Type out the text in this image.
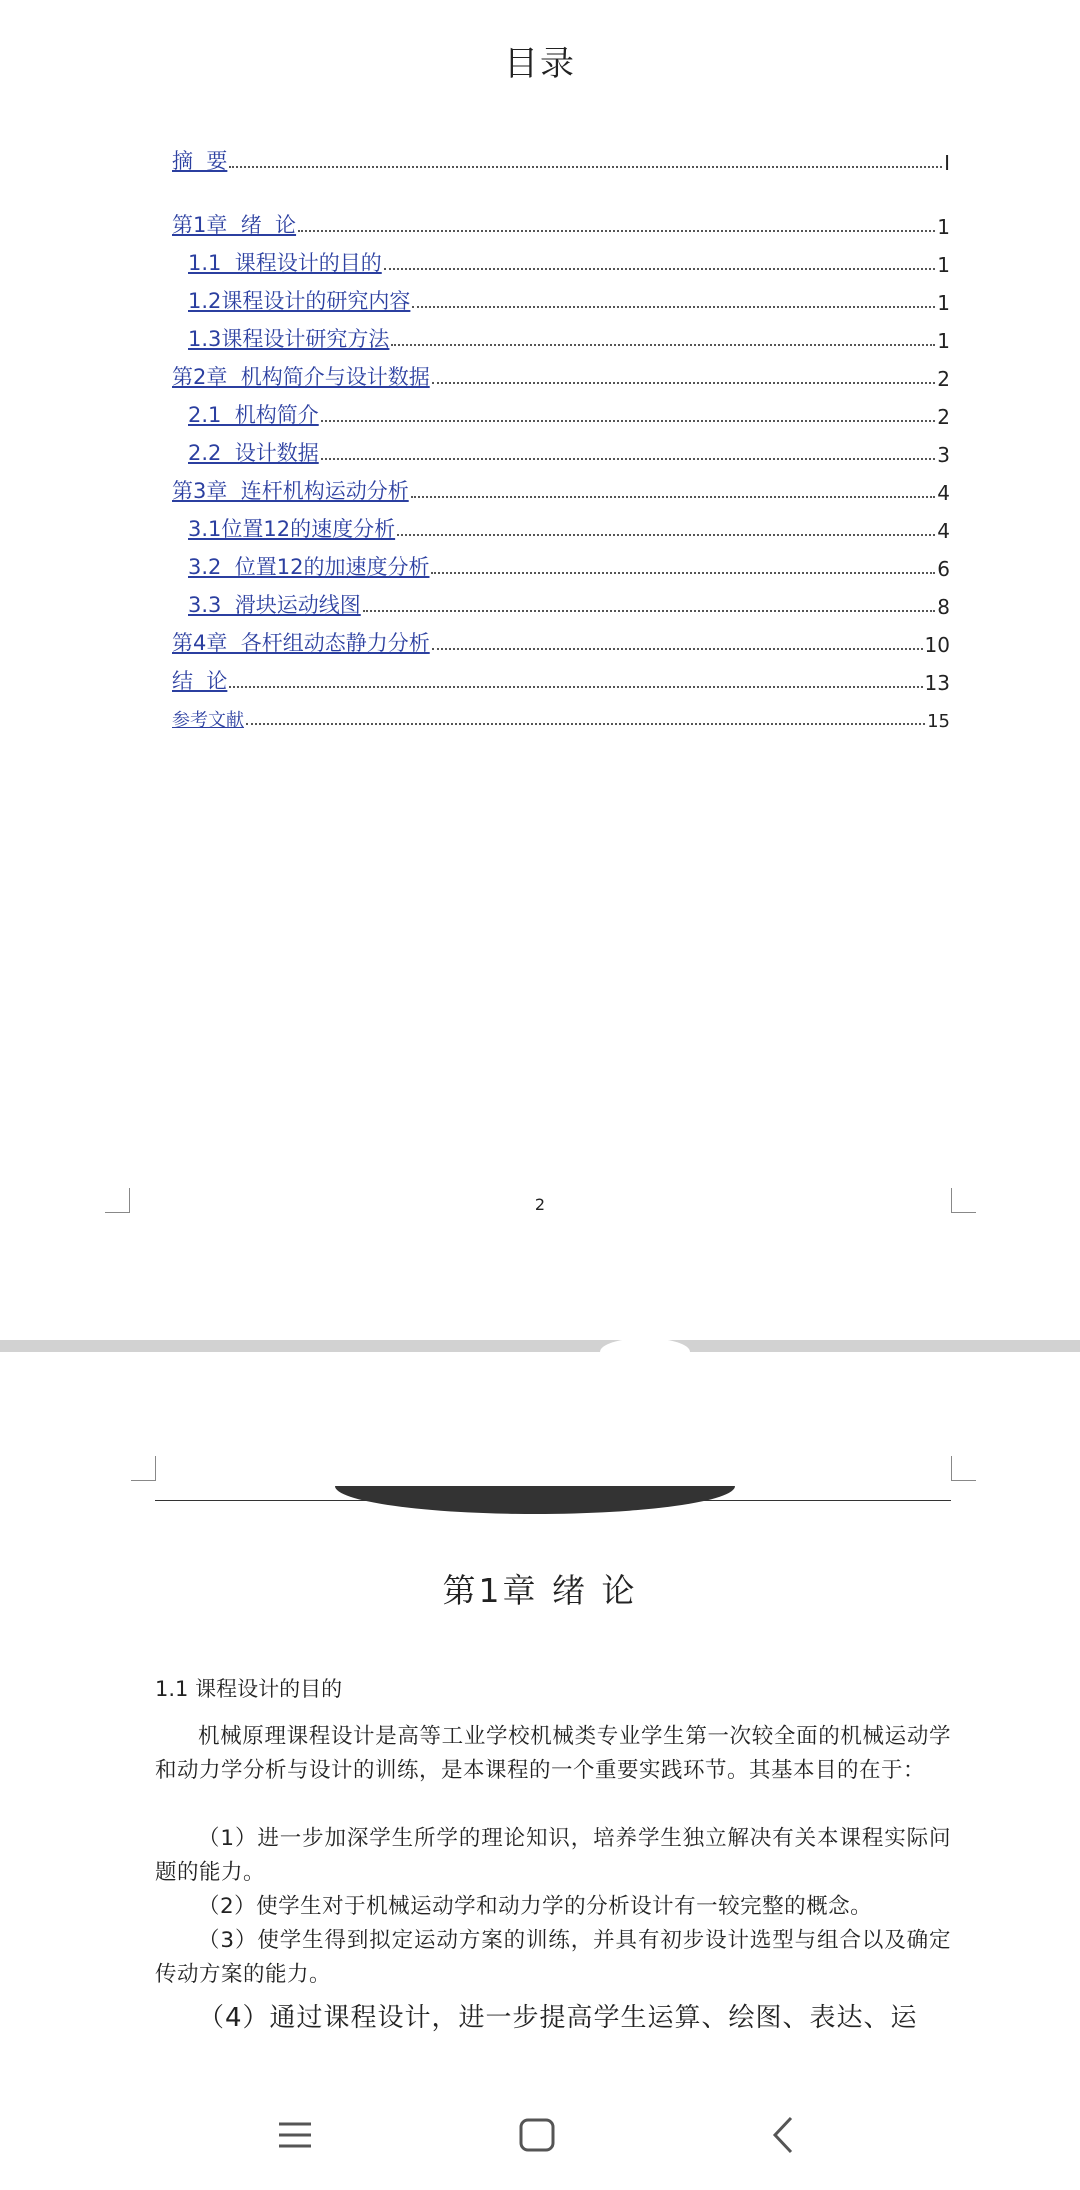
目录
摘  要	I
第1章  绪  论	1
1.1  课程设计的目的	1
1.2课程设计的研究内容	1
1.3课程设计研究方法	1
第2章  机构简介与设计数据	2
2.1  机构简介	2
2.2  设计数据	3
第3章  连杆机构运动分析	4
3.1位置12的速度分析	4
3.2  位置12的加速度分析	6
3.3  滑块运动线图	8
第4章  各杆组动态静力分析	10
结  论	13
参考文献	15
2
第1章 绪 论
1.1 课程设计的目的
机械原理课程设计是高等工业学校机械类专业学生第一次较全面的机械运动学和动力学分析与设计的训练，是本课程的一个重要实践环节。其基本目的在于：
（1）进一步加深学生所学的理论知识，培养学生独立解决有关本课程实际问题的能力。
（2）使学生对于机械运动学和动力学的分析设计有一较完整的概念。
（3）使学生得到拟定运动方案的训练，并具有初步设计选型与组合以及确定传动方案的能力。
（4）通过课程设计，进一步提高学生运算、绘图、表达、运
